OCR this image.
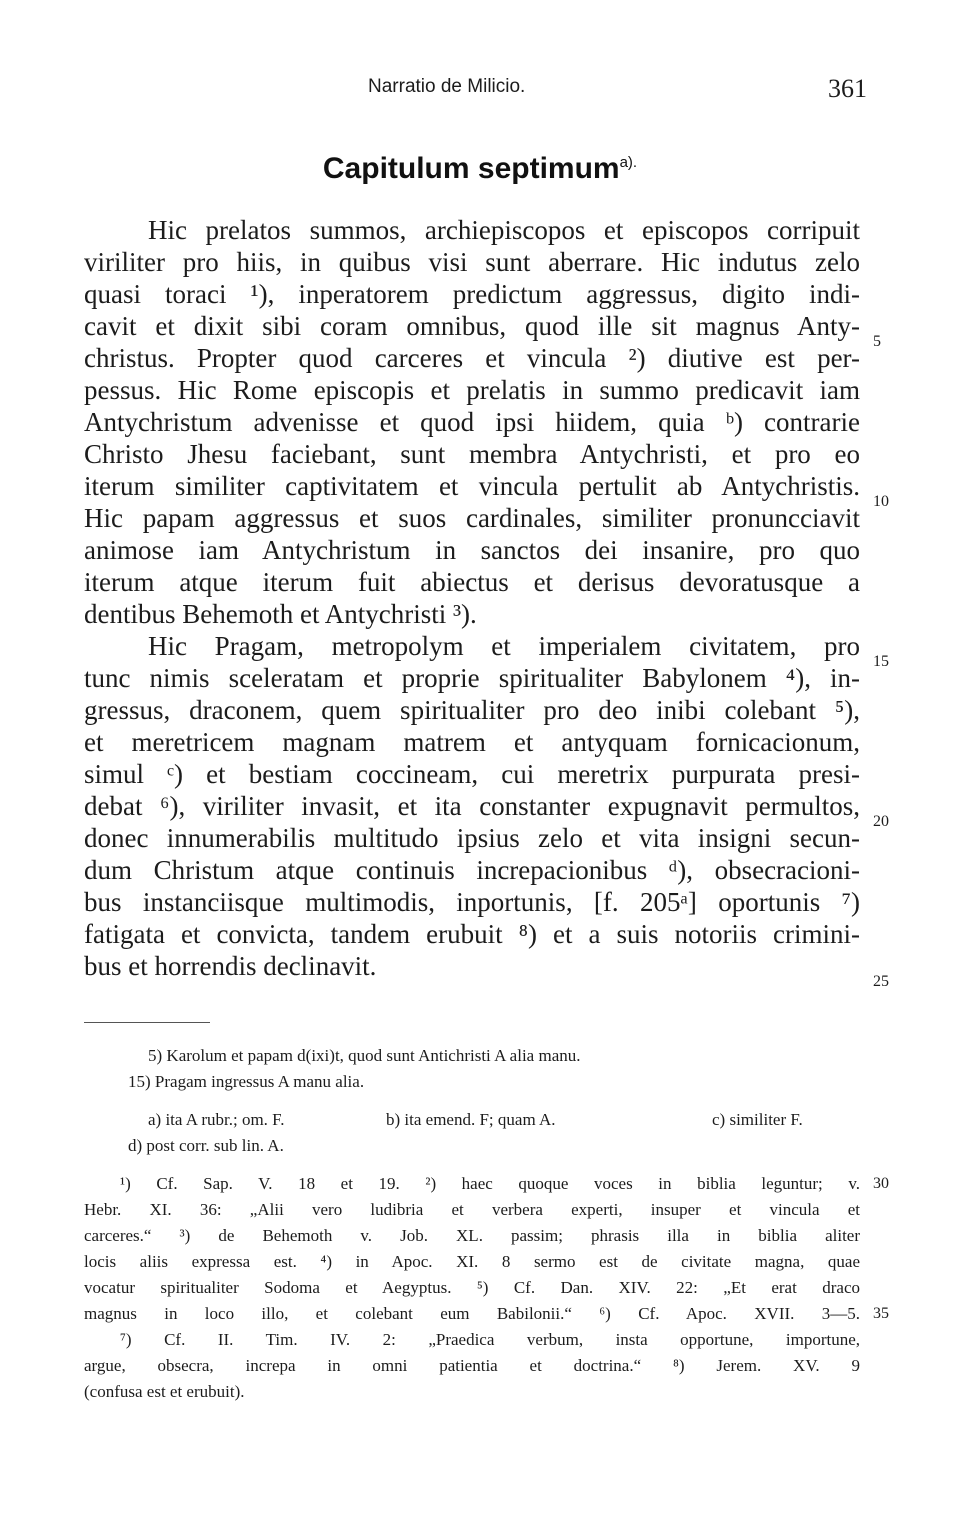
Narratio de Milicio.	361
Capitulum septimum$^{a).}$
Hic prelatos summos, archiepiscopos et episcopos corripuit
viriliter pro hiis, in quibus visi sunt aberrare. Hic indutus zelo
quasi toraci ¹), inperatorem predictum aggressus, digito indi-
cavit et dixit sibi coram omnibus, quod ille sit magnus Anty-
christus. Propter quod carceres et vincula ²) diutive est per-
pessus. Hic Rome episcopis et prelatis in summo predicavit iam
Antychristum advenisse et quod ipsi hiidem, quia ᵇ) contrarie
Christo Jhesu faciebant, sunt membra Antychristi, et pro eo
iterum similiter captivitatem et vincula pertulit ab Antychristis.
Hic papam aggressus et suos cardinales, similiter pronuncciavit
animose iam Antychristum in sanctos dei insanire, pro quo
iterum atque iterum fuit abiectus et derisus devoratusque a
dentibus Behemoth et Antychristi ³).
Hic Pragam, metropolym et imperialem civitatem, pro
tunc nimis sceleratam et proprie spiritualiter Babylonem ⁴), in-
gressus, draconem, quem spiritualiter pro deo inibi colebant ⁵),
et meretricem magnam matrem et antyquam fornicacionum,
simul ᶜ) et bestiam coccineam, cui meretrix purpurata presi-
debat ⁶), viriliter invasit, et ita constanter expugnavit permultos,
donec innumerabilis multitudo ipsius zelo et vita insigni secun-
dum Christum atque continuis increpacionibus ᵈ), obsecracioni-
bus instanciisque multimodis, inportunis, [f. 205ᵃ] oportunis ⁷)
fatigata et convicta, tandem erubuit ⁸) et a suis notoriis crimini-
bus et horrendis declinavit.
5
10
15
20
25
5) Karolum et papam d(ixi)t, quod sunt Antichristi A alia manu.
15) Pragam ingressus A manu alia.
a) ita A rubr.; om. F.	b) ita emend. F; quam A.	c) similiter F.
d) post corr. sub lin. A.
¹) Cf. Sap. V. 18 et 19. ²) haec quoque voces in biblia leguntur; v.
Hebr. XI. 36: „Alii vero ludibria et verbera experti, insuper et vincula et
carceres.“ ³) de Behemoth v. Job. XL. passim; phrasis illa in biblia aliter
locis aliis expressa est. ⁴) in Apoc. XI. 8 sermo est de civitate magna, quae
vocatur spiritualiter Sodoma et Aegyptus. ⁵) Cf. Dan. XIV. 22: „Et erat draco
magnus in loco illo, et colebant eum Babilonii.“ ⁶) Cf. Apoc. XVII. 3—5.
⁷) Cf. II. Tim. IV. 2: „Praedica verbum, insta opportune, importune,
argue, obsecra, increpa in omni patientia et doctrina.“ ⁸) Jerem. XV. 9
(confusa est et erubuit).
30
35
